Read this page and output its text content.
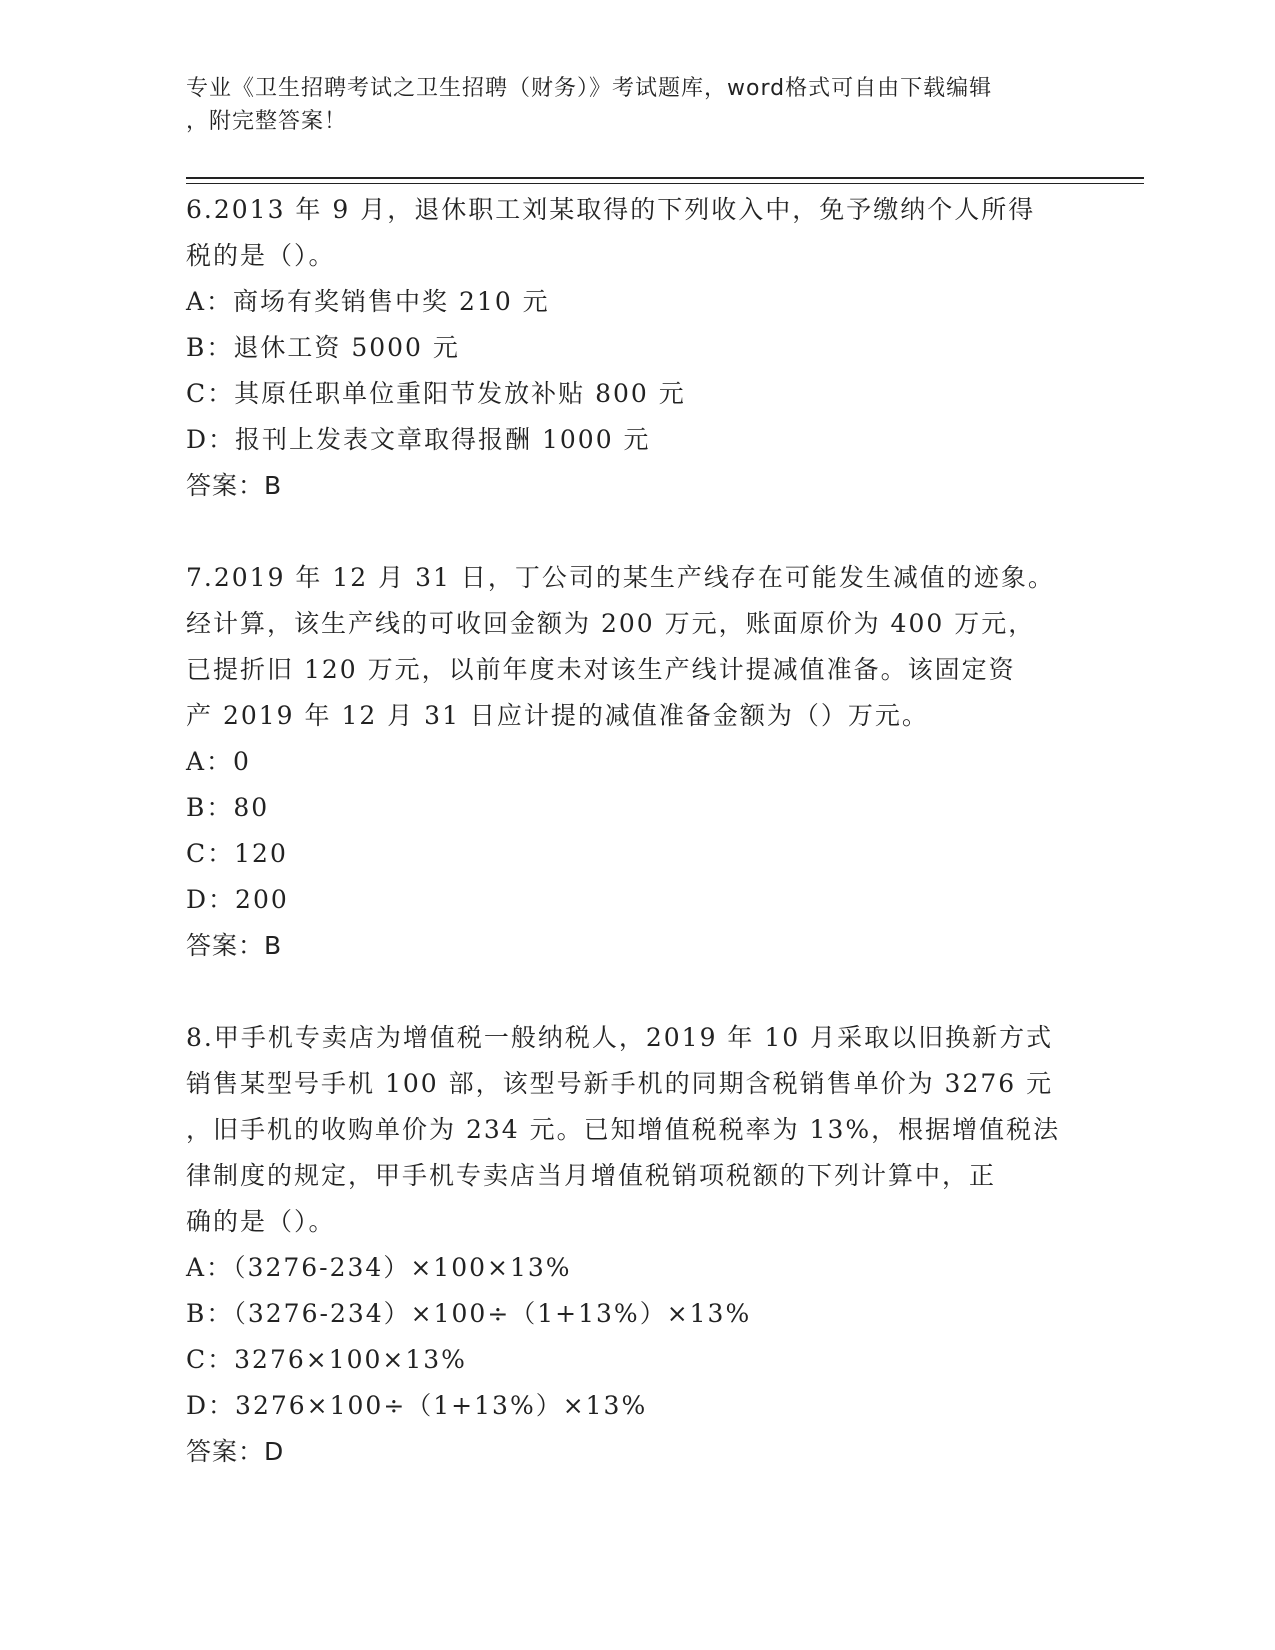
专业《卫生招聘考试之卫生招聘（财务）》考试题库，word格式可自由下载编辑
，附完整答案！

6.2013 年 9 月，退休职工刘某取得的下列收入中，免予缴纳个人所得

税的是（）。

A：商场有奖销售中奖 210 元

B：退休工资 5000 元

C：其原任职单位重阳节发放补贴 800 元

D：报刊上发表文章取得报酬 1000 元

答案：B

7.2019 年 12 月 31 日，丁公司的某生产线存在可能发生减值的迹象。

经计算，该生产线的可收回金额为 200 万元，账面原价为 400 万元，

已提折旧 120 万元，以前年度未对该生产线计提减值准备。该固定资

产 2019 年 12 月 31 日应计提的减值准备金额为（）万元。

A：0

B：80

C：120

D：200

答案：B

8.甲手机专卖店为增值税一般纳税人，2019 年 10 月采取以旧换新方式

销售某型号手机 100 部，该型号新手机的同期含税销售单价为 3276 元

，旧手机的收购单价为 234 元。已知增值税税率为 13%，根据增值税法

律制度的规定，甲手机专卖店当月增值税销项税额的下列计算中，正

确的是（）。

A：（3276-234）×100×13%

B：（3276-234）×100÷（1+13%）×13%

C：3276×100×13%

D：3276×100÷（1+13%）×13%

答案：D
